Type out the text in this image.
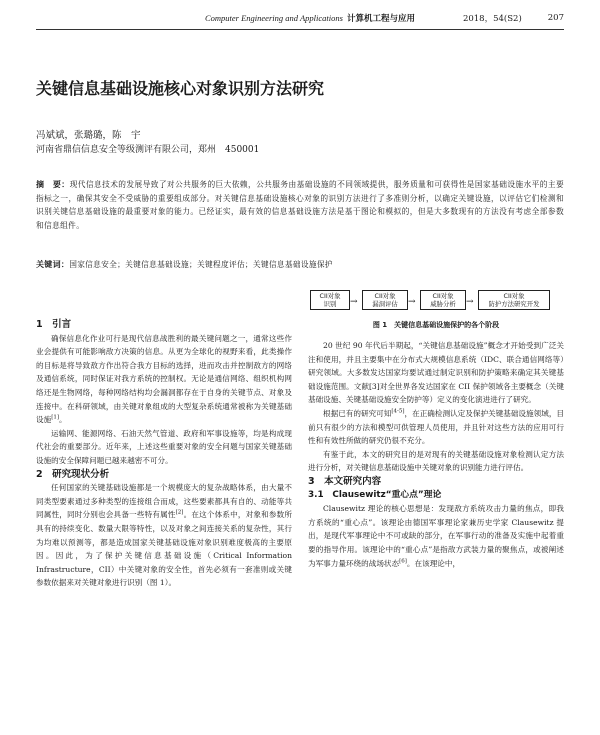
Computer Engineering and Applications 计算机工程与应用	2018，54(S2)	207
关键信息基础设施核心对象识别方法研究
冯斌斌，张璐璐，陈　宇
河南省鼎信信息安全等级测评有限公司，郑州　450001
摘　要：现代信息技术的发展导致了对公共服务的巨大依赖，公共服务由基础设施的不同领域提供，服务质量和可获得性是国家基础设施水平的主要指标之一，确保其安全不受威胁的重要组成部分。对关键信息基础设施核心对象的识别方法进行了多准则分析，以确定关键设施，以评估它们检测和识别关键信息基础设施的最重要对象的能力。已经证实，最有效的信息基础设施方法是基于图论和模拟的，但是大多数现有的方法没有考虑全部参数和信息组件。
关键词：国家信息安全；关键信息基础设施；关键程度评估；关键信息基础设施保护

1　引言

确保信息化作业可行是现代信息战胜利的最关键问题之一，通常这些作业会提供有可能影响敌方决策的信息。从更为全球化的视野来看，此类操作的目标是将导致敌方作出符合我方目标的选择，进而攻击并控制敌方的网络及通信系统，同时保证对我方系统的控制权。无论是通信网络、组织机构网络还是生物网络，每种网络结构均会漏洞都存在于自身的关键节点、对象及连接中。在科研领域，由关键对象组成的大型复杂系统通常被称为关键基础设施[1]。

运输网、能源网络、石油天然气管道、政府和军事设施等，均是构成现代社会的重要部分。近年来，上述这些重要对象的安全问题与国家关键基础设施的安全保障问题已越来越密不可分。

2　研究现状分析

任何国家的关键基础设施都是一个规模庞大的复杂战略体系，由大量不同类型要素通过多种类型的连接组合而成，这些要素都具有自的、动能等共同属性，同时分别也会具备一些特有属性[2]。在这个体系中，对象和参数所具有的持续变化、数量大限等特性，以及对象之间连接关系的复杂性，其行为均难以预测等，都是造成国家关键基础设施对象识别难度极高的主要原因。因此，为了保护关键信息基础设施（Critical Information Infrastructure，CII）中关键对象的安全性，首先必须有一套准则或关键参数依据来对关键对象进行识别（图 1）。

CII对象
识别	→
CII对象
漏洞评估	→
CII对象
威胁分析	→
CII对象
防护方法研究开发
图 1　关键信息基础设施保护的各个阶段

20 世纪 90 年代后半期起，“关键信息基础设施”概念才开始受到广泛关注和使用，并且主要集中在分布式大规模信息系统（IDC、联合通信网络等）研究领域。大多数发达国家均要试通过制定识别和防护策略来确定其关键基础设施范围。文献[3]对全世界各发达国家在 CII 保护领域各主要概念（关键基础设施、关键基础设施安全防护等）定义的变化演进进行了研究。

根据已有的研究可知[4-5]，在正确检测认定及保护关键基础设施领域，目前只有很少的方法和模型可供管理人员使用，并且针对这些方法的应用可行性和有效性所做的研究仍很不充分。

有鉴于此，本文的研究目的是对现有的关键基础设施对象检测认定方法进行分析，对关键信息基础设施中关键对象的识别能力进行评估。

3　本文研究内容

3.1　Clausewitz“重心点”理论

Clausewitz 理论的核心思想是：发现敌方系统攻击力量的焦点，即我方系统的“重心点”。该理论由德国军事理论家兼历史学家 Clausewitz 提出，是现代军事理论中不可或缺的部分，在军事行动的准备及实施中起着重要的指导作用。该理论中的“重心点”是指敌方武装力量的聚焦点，或被阐述为军事力量环绕的战场状态[6]。在该理论中，
